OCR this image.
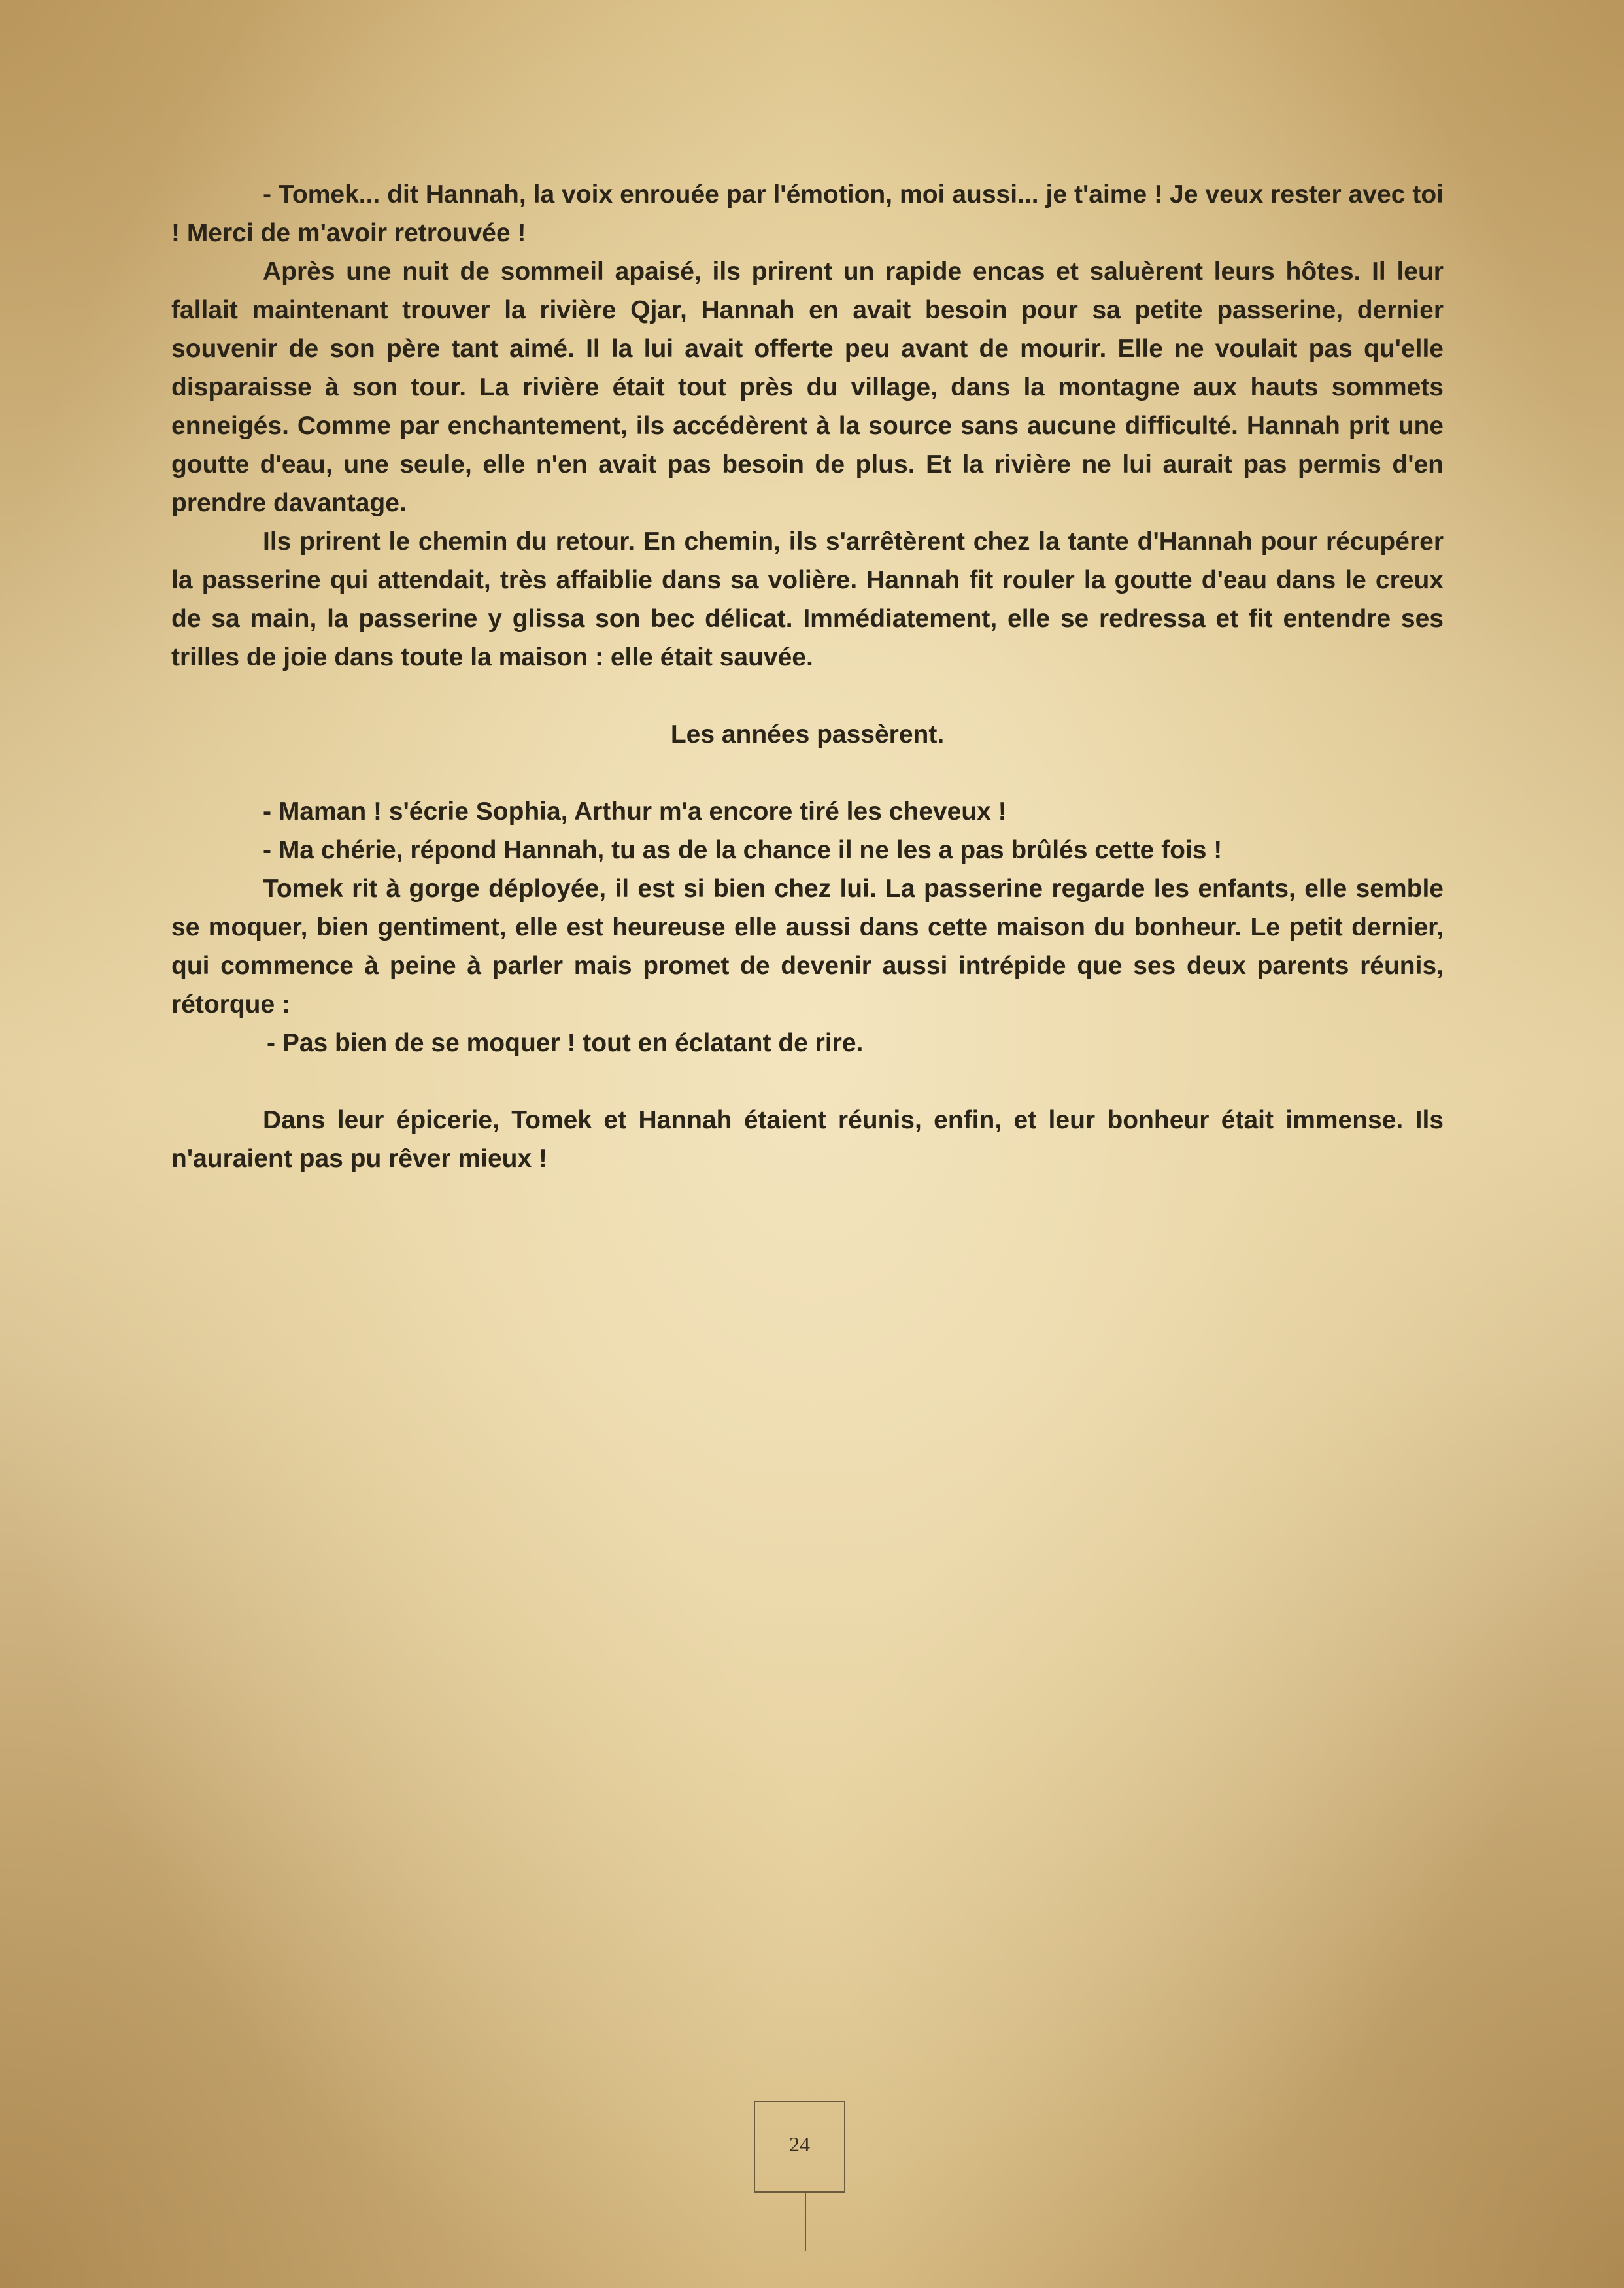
- Tomek... dit Hannah, la voix enrouée par l'émotion, moi aussi... je t'aime ! Je veux rester avec toi ! Merci de m'avoir retrouvée !

Après une nuit de sommeil apaisé, ils prirent un rapide encas et saluèrent leurs hôtes. Il leur fallait maintenant trouver la rivière Qjar, Hannah en avait besoin pour sa petite passerine, dernier souvenir de son père tant aimé. Il la lui avait offerte peu avant de mourir. Elle ne voulait pas qu'elle disparaisse à son tour. La rivière était tout près du village, dans la montagne aux hauts sommets enneigés. Comme par enchantement, ils accédèrent à la source sans aucune difficulté. Hannah prit une goutte d'eau, une seule, elle n'en avait pas besoin de plus. Et la rivière ne lui aurait pas permis d'en prendre davantage.

Ils prirent le chemin du retour. En chemin, ils s'arrêtèrent chez la tante d'Hannah pour récupérer la passerine qui attendait, très affaiblie dans sa volière. Hannah fit rouler la goutte d'eau dans le creux de sa main, la passerine y glissa son bec délicat. Immédiatement, elle se redressa et fit entendre ses trilles de joie dans toute la maison : elle était sauvée.

Les années passèrent.

- Maman ! s'écrie Sophia, Arthur m'a encore tiré les cheveux !

- Ma chérie, répond Hannah, tu as de la chance il ne les a pas brûlés cette fois !

Tomek rit à gorge déployée, il est si bien chez lui. La passerine regarde les enfants, elle semble se moquer, bien gentiment, elle est heureuse elle aussi dans cette maison du bonheur. Le petit dernier, qui commence à peine à parler mais promet de devenir aussi intrépide que ses deux parents réunis, rétorque :

- Pas bien de se moquer ! tout en éclatant de rire.

Dans leur épicerie, Tomek et Hannah étaient réunis, enfin, et leur bonheur était immense. Ils n'auraient pas pu rêver mieux !

24
